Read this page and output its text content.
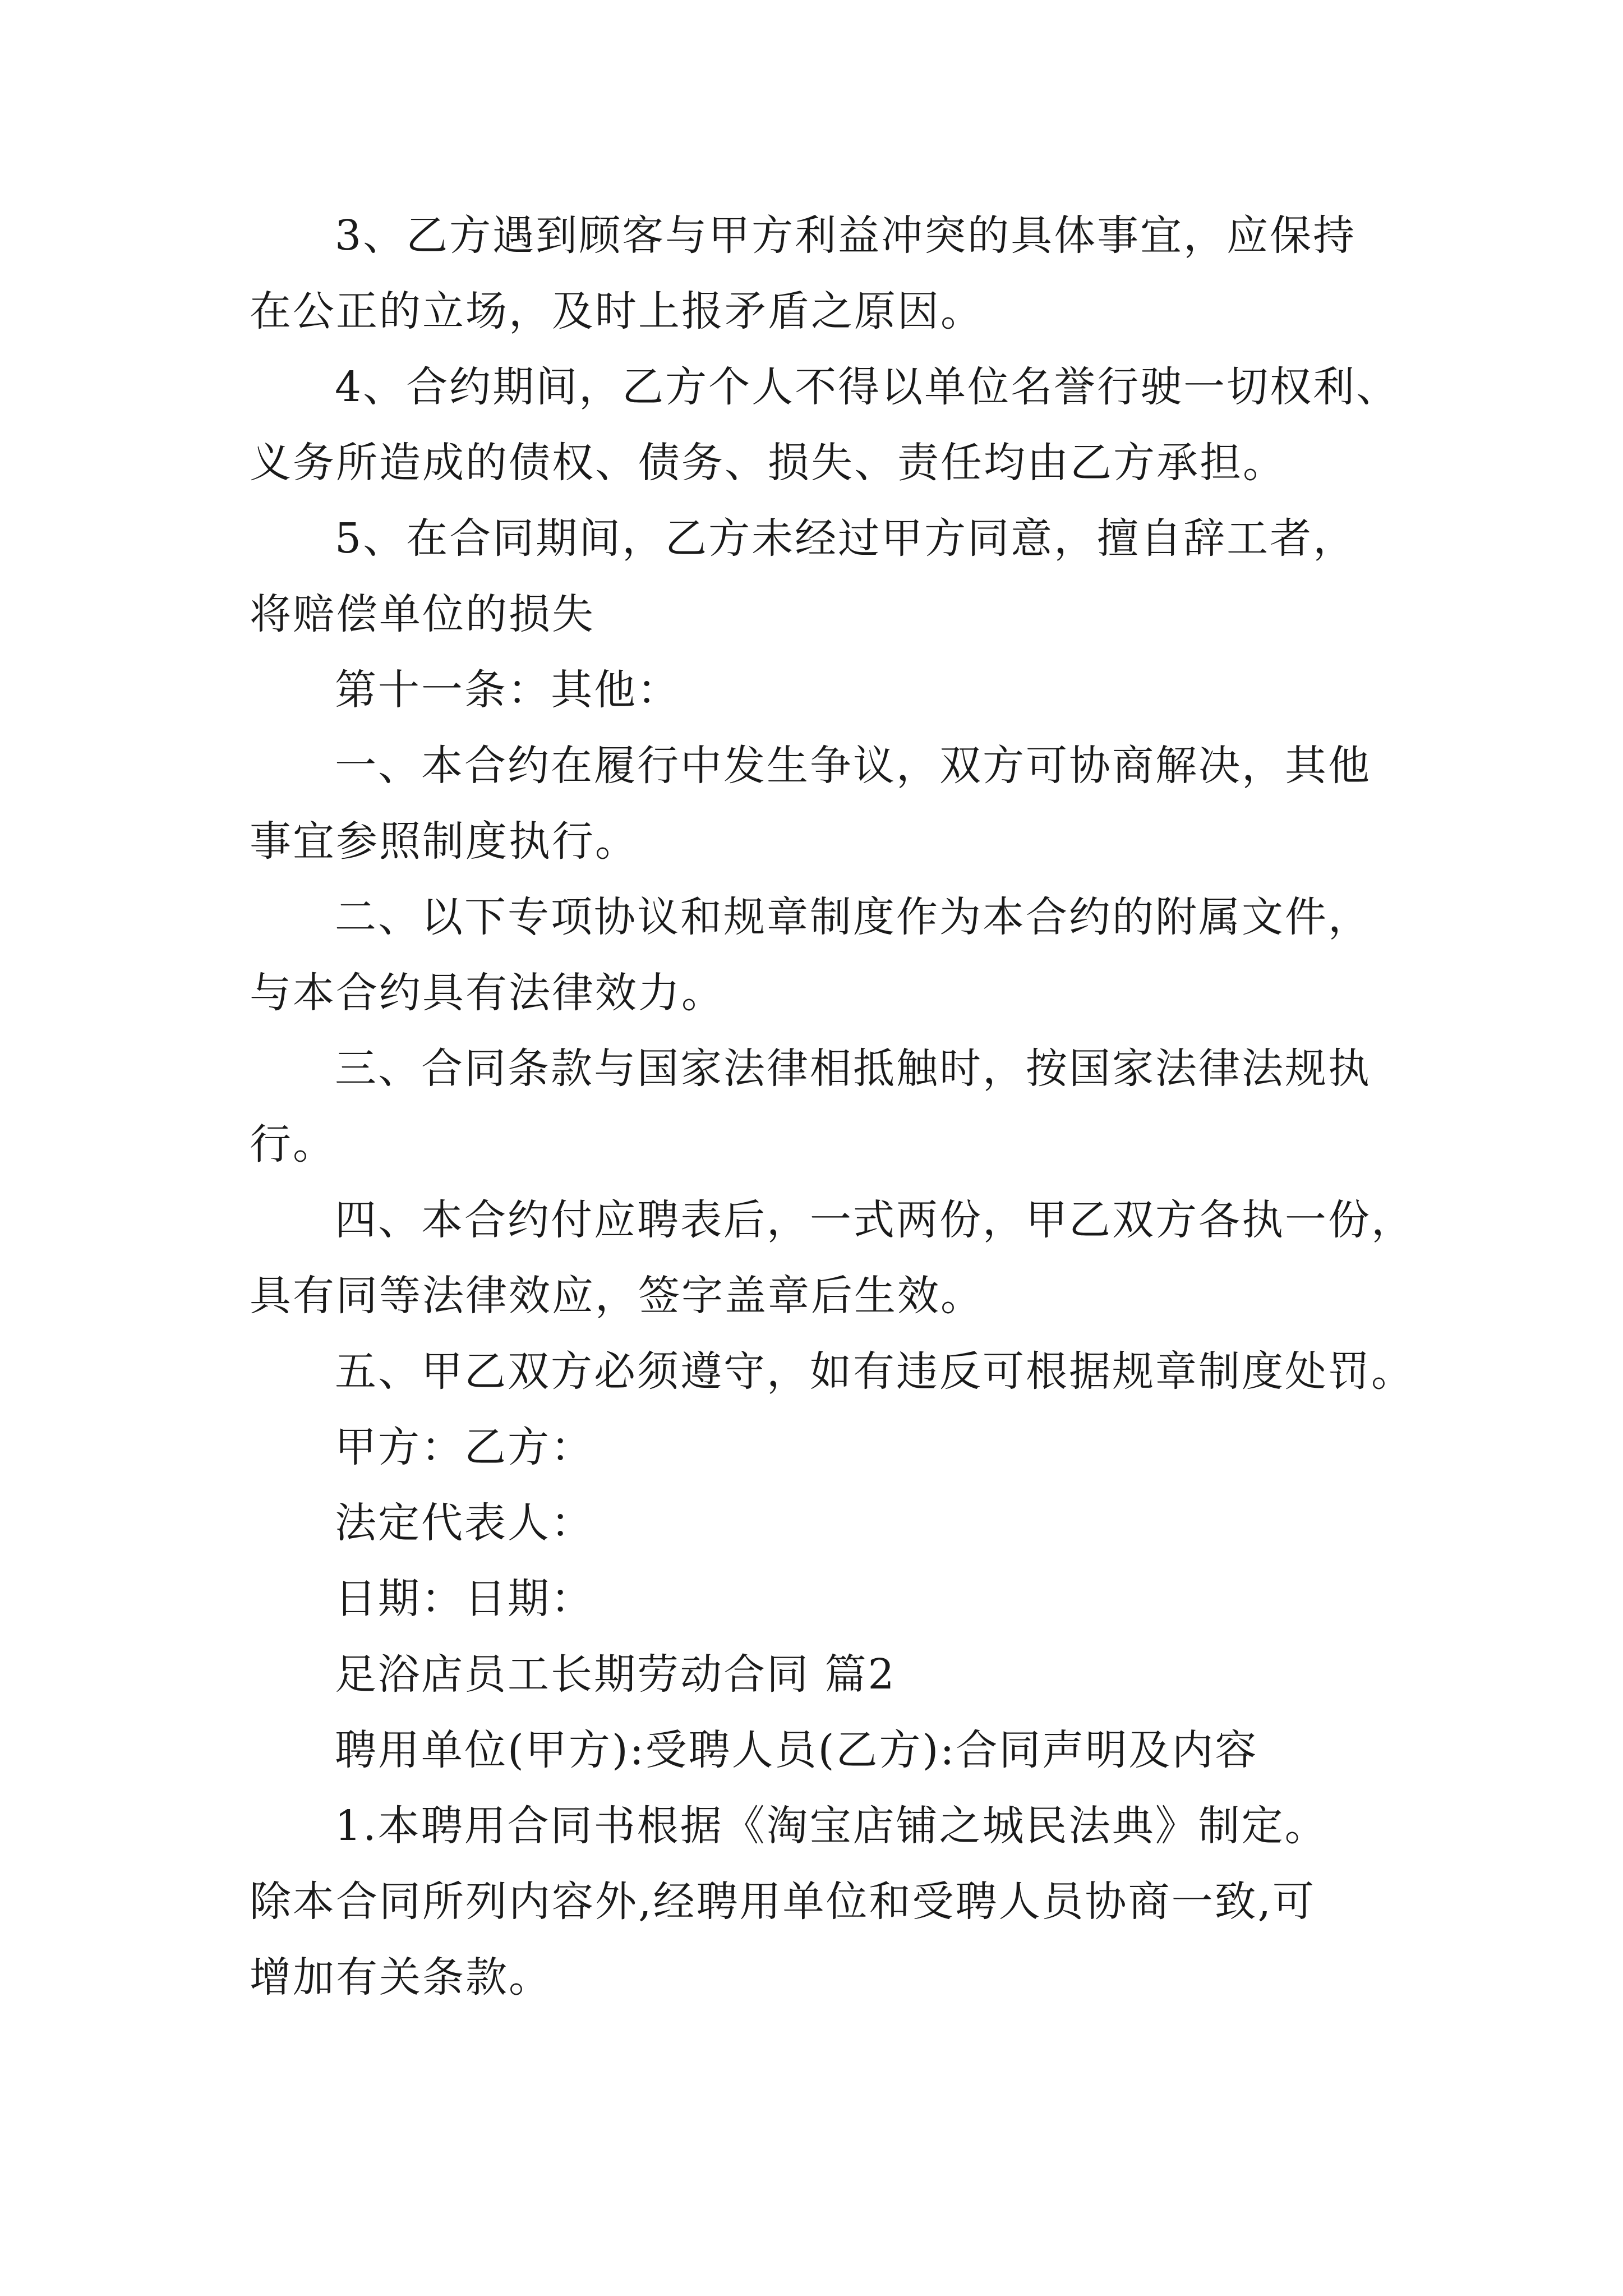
3、乙方遇到顾客与甲方利益冲突的具体事宜，应保持
在公正的立场，及时上报矛盾之原因。
4、合约期间，乙方个人不得以单位名誉行驶一切权利、
义务所造成的债权、债务、损失、责任均由乙方承担。
5、在合同期间，乙方未经过甲方同意，擅自辞工者，
将赔偿单位的损失
第十一条：其他：
一、本合约在履行中发生争议，双方可协商解决，其他
事宜参照制度执行。
二、以下专项协议和规章制度作为本合约的附属文件，
与本合约具有法律效力。
三、合同条款与国家法律相抵触时，按国家法律法规执
行。
四、本合约付应聘表后，一式两份，甲乙双方各执一份，
具有同等法律效应，签字盖章后生效。
五、甲乙双方必须遵守，如有违反可根据规章制度处罚。
甲方：乙方：
法定代表人：
日期：日期：
足浴店员工长期劳动合同 篇2
聘用单位(甲方):受聘人员(乙方):合同声明及内容
1.本聘用合同书根据《淘宝店铺之城民法典》制定。
除本合同所列内容外,经聘用单位和受聘人员协商一致,可
增加有关条款。
